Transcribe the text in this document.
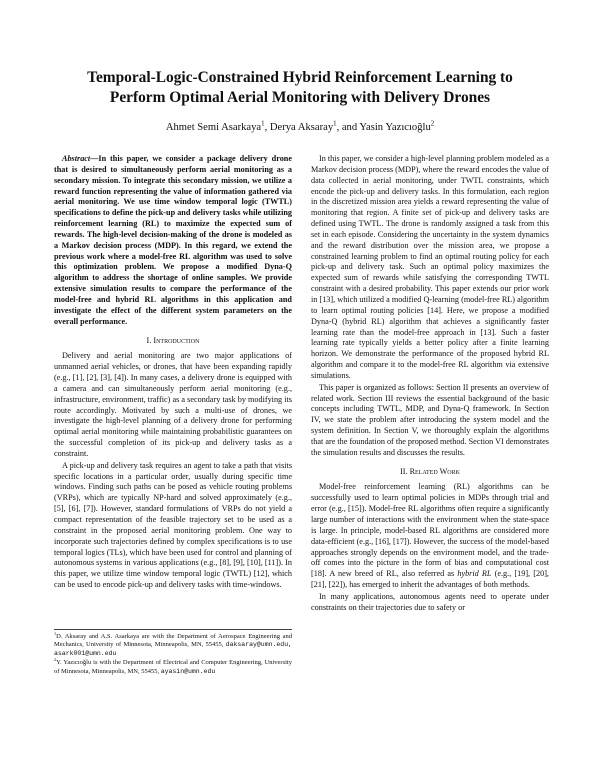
Temporal-Logic-Constrained Hybrid Reinforcement Learning to
Perform Optimal Aerial Monitoring with Delivery Drones
Ahmet Semi Asarkaya$^1$, Derya Aksaray$^1$, and Yasin Yazıcıoğlu$^2$
Abstract—In this paper, we consider a package delivery drone that is desired to simultaneously perform aerial monitoring as a secondary mission. To integrate this secondary mission, we utilize a reward function representing the value of information gathered via aerial monitoring. We use time window temporal logic (TWTL) specifications to define the pick-up and delivery tasks while utilizing reinforcement learning (RL) to maximize the expected sum of rewards. The high-level decision-making of the drone is modeled as a Markov decision process (MDP). In this regard, we extend the previous work where a model-free RL algorithm was used to solve this optimization problem. We propose a modified Dyna-Q algorithm to address the shortage of online samples. We provide extensive simulation results to compare the performance of the model-free and hybrid RL algorithms in this application and investigate the effect of the different system parameters on the overall performance.
I. Introduction

Delivery and aerial monitoring are two major applications of unmanned aerial vehicles, or drones, that have been expanding rapidly (e.g., [1], [2], [3], [4]). In many cases, a delivery drone is equipped with a camera and can simultaneously perform aerial monitoring (e.g., infrastructure, environment, traffic) as a secondary task by modifying its route accordingly. Motivated by such a multi-use of drones, we investigate the high-level planning of a delivery drone for performing optimal aerial monitoring while maintaining probabilistic guarantees on the successful completion of its pick-up and delivery tasks as a constraint.

A pick-up and delivery task requires an agent to take a path that visits specific locations in a particular order, usually during specific time windows. Finding such paths can be posed as vehicle routing problems (VRPs), which are typically NP-hard and solved approximately (e.g., [5], [6], [7]). However, standard formulations of VRPs do not yield a compact representation of the feasible trajectory set to be used as a constraint in the proposed aerial monitoring problem. One way to incorporate such trajectories defined by complex specifications is to use temporal logics (TLs), which have been used for control and planning of autonomous systems in various applications (e.g., [8], [9], [10], [11]). In this paper, we utilize time window temporal logic (TWTL) [12], which can be used to encode pick-up and delivery tasks with time-windows.

$^1$D. Aksaray and A.S. Asarkaya are with the Department of Aerospace Engineering and Mechanics, University of Minnesota, Minneapolis, MN, 55455, daksaray@umn.edu, asark001@umn.edu
$^2$Y. Yazıcıoğlu is with the Department of Electrical and Computer Engineering, University of Minnesota, Minneapolis, MN, 55455, ayasin@umn.edu

In this paper, we consider a high-level planning problem modeled as a Markov decision process (MDP), where the reward encodes the value of data collected in aerial monitoring, under TWTL constraints, which encode the pick-up and delivery tasks. In this formulation, each region in the discretized mission area yields a reward representing the value of monitoring that region. A finite set of pick-up and delivery tasks are defined using TWTL. The drone is randomly assigned a task from this set in each episode. Considering the uncertainty in the system dynamics and the reward distribution over the mission area, we propose a constrained learning problem to find an optimal routing policy for each pick-up and delivery task. Such an optimal policy maximizes the expected sum of rewards while satisfying the corresponding TWTL constraint with a desired probability. This paper extends our prior work in [13], which utilized a modified Q-learning (model-free RL) algorithm to learn optimal routing policies [14]. Here, we propose a modified Dyna-Q (hybrid RL) algorithm that achieves a significantly faster learning rate than the model-free approach in [13]. Such a faster learning rate typically yields a better policy after a finite learning horizon. We demonstrate the performance of the proposed hybrid RL algorithm and compare it to the model-free RL algorithm via extensive simulations.

This paper is organized as follows: Section II presents an overview of related work. Section III reviews the essential background of the basic concepts including TWTL, MDP, and Dyna-Q framework. In Section IV, we state the problem after introducing the system model and the system definition. In Section V, we thoroughly explain the algorithms that are the foundation of the proposed method. Section VI demonstrates the simulation results and discusses the results.

II. Related Work

Model-free reinforcement learning (RL) algorithms can be successfully used to learn optimal policies in MDPs through trial and error (e.g., [15]). Model-free RL algorithms often require a significantly large number of interactions with the environment when the state-space is large. In principle, model-based RL algorithms are considered more data-efficient (e.g., [16], [17]). However, the success of the model-based approaches strongly depends on the environment model, and the trade-off comes into the picture in the form of bias and computational cost [18]. A new breed of RL, also referred as hybrid RL (e.g., [19], [20], [21], [22]), has emerged to inherit the advantages of both methods.

In many applications, autonomous agents need to operate under constraints on their trajectories due to safety or
